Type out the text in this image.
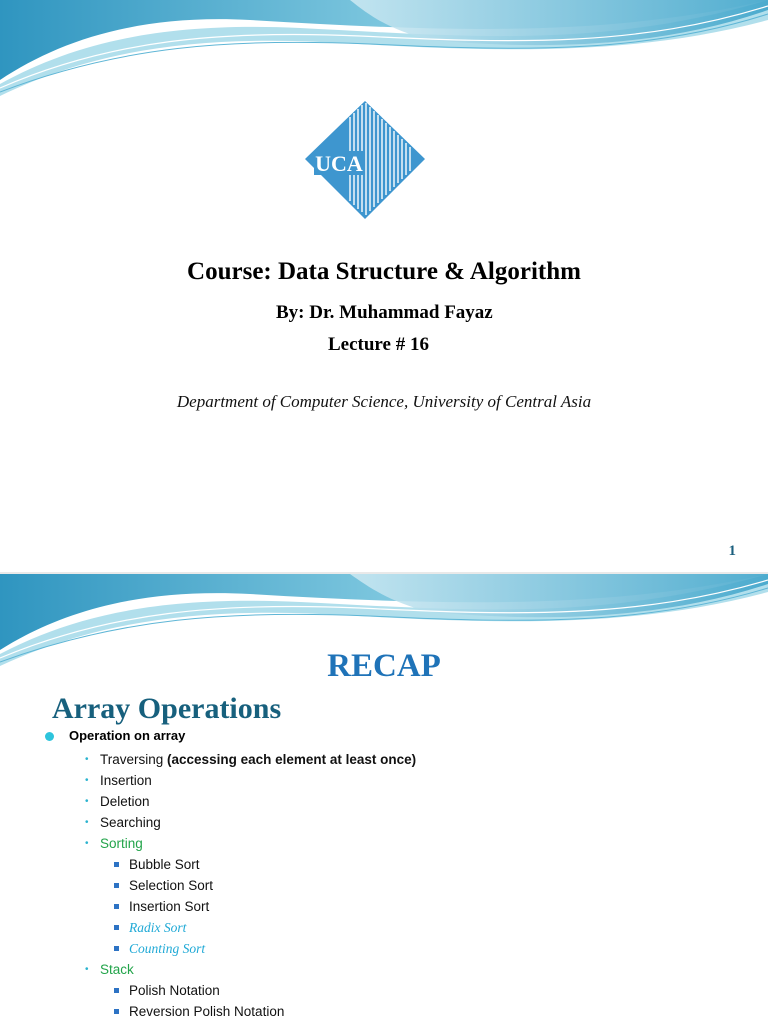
UCA
Course: Data Structure & Algorithm
By: Dr. Muhammad Fayaz
Lecture # 16
Department of Computer Science, University of Central Asia
1
RECAP
Array Operations
Operation on array
• Traversing (accessing each element at least once)
• Insertion
• Deletion
• Searching
• Sorting
Bubble Sort
Selection Sort
Insertion Sort
Radix Sort
Counting Sort
• Stack
Polish Notation
Reversion Polish Notation
